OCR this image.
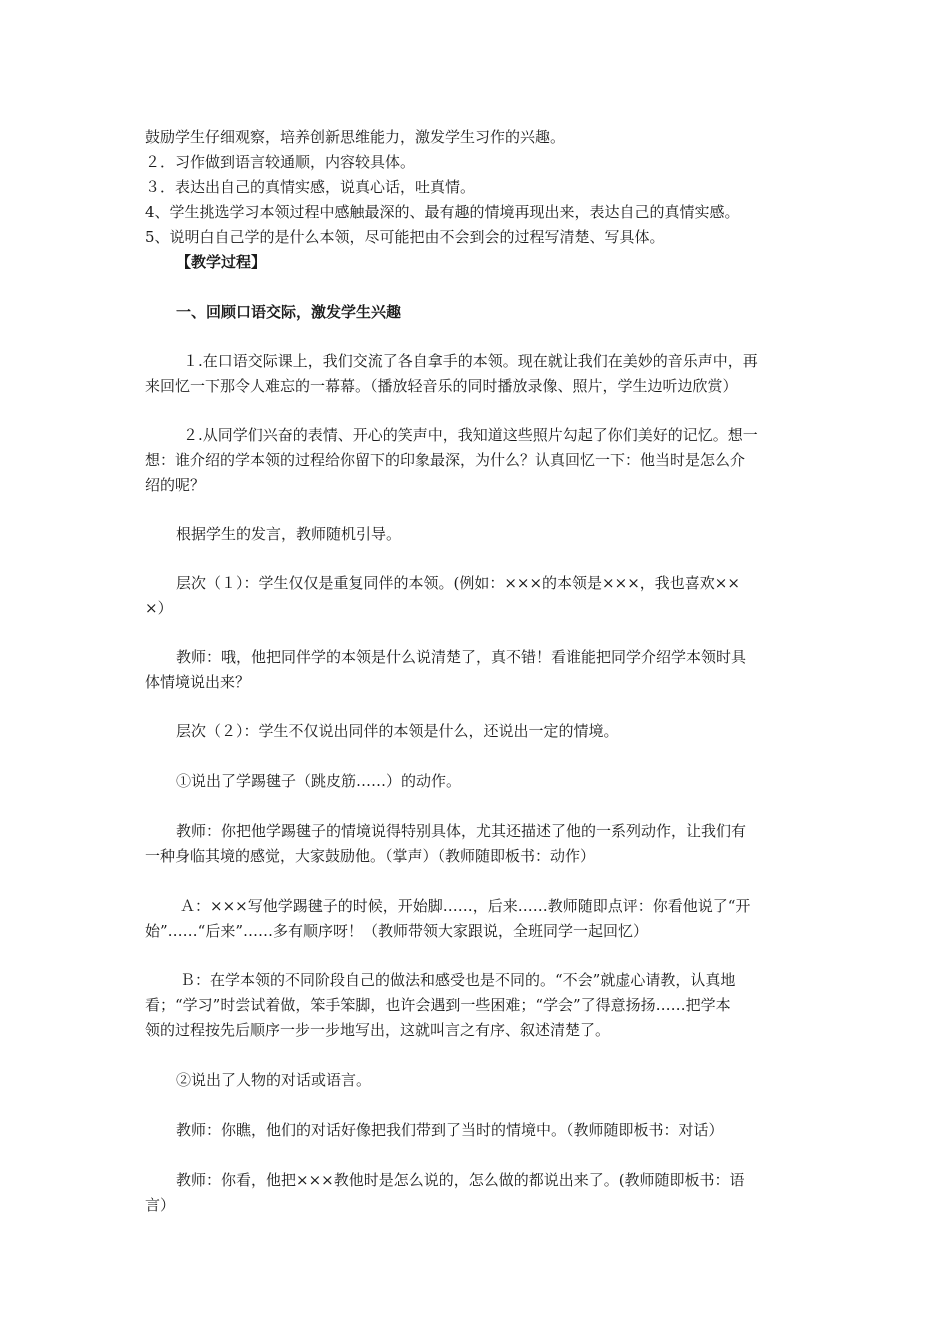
鼓励学生仔细观察，培养创新思维能力，激发学生习作的兴趣。
２．习作做到语言较通顺，内容较具体。
３．表达出自己的真情实感，说真心话，吐真情。
4、学生挑选学习本领过程中感触最深的、最有趣的情境再现出来，表达自己的真情实感。
5、说明白自己学的是什么本领，尽可能把由不会到会的过程写清楚、写具体。
【教学过程】
一、回顾口语交际，激发学生兴趣
１.在口语交际课上，我们交流了各自拿手的本领。现在就让我们在美妙的音乐声中，再
来回忆一下那令人难忘的一幕幕。（播放轻音乐的同时播放录像、照片，学生边听边欣赏）
２.从同学们兴奋的表情、开心的笑声中，我知道这些照片勾起了你们美好的记忆。想一
想：谁介绍的学本领的过程给你留下的印象最深，为什么？认真回忆一下：他当时是怎么介
绍的呢？
根据学生的发言，教师随机引导。
层次（１）：学生仅仅是重复同伴的本领。(例如：×××的本领是×××，我也喜欢××
×）
教师：哦，他把同伴学的本领是什么说清楚了，真不错！看谁能把同学介绍学本领时具
体情境说出来？
层次（２）：学生不仅说出同伴的本领是什么，还说出一定的情境。
①说出了学踢毽子（跳皮筋……）的动作。
教师：你把他学踢毽子的情境说得特别具体，尤其还描述了他的一系列动作，让我们有
一种身临其境的感觉，大家鼓励他。（掌声）（教师随即板书：动作）
Ａ：×××写他学踢毽子的时候，开始脚……，后来……教师随即点评：你看他说了“开
始”……“后来”……多有顺序呀！（教师带领大家跟说，全班同学一起回忆）
Ｂ：在学本领的不同阶段自己的做法和感受也是不同的。“不会”就虚心请教，认真地
看；“学习”时尝试着做，笨手笨脚，也许会遇到一些困难；“学会”了得意扬扬……把学本
领的过程按先后顺序一步一步地写出，这就叫言之有序、叙述清楚了。
②说出了人物的对话或语言。
教师：你瞧，他们的对话好像把我们带到了当时的情境中。（教师随即板书：对话）
教师：你看，他把×××教他时是怎么说的，怎么做的都说出来了。(教师随即板书：语
言）
